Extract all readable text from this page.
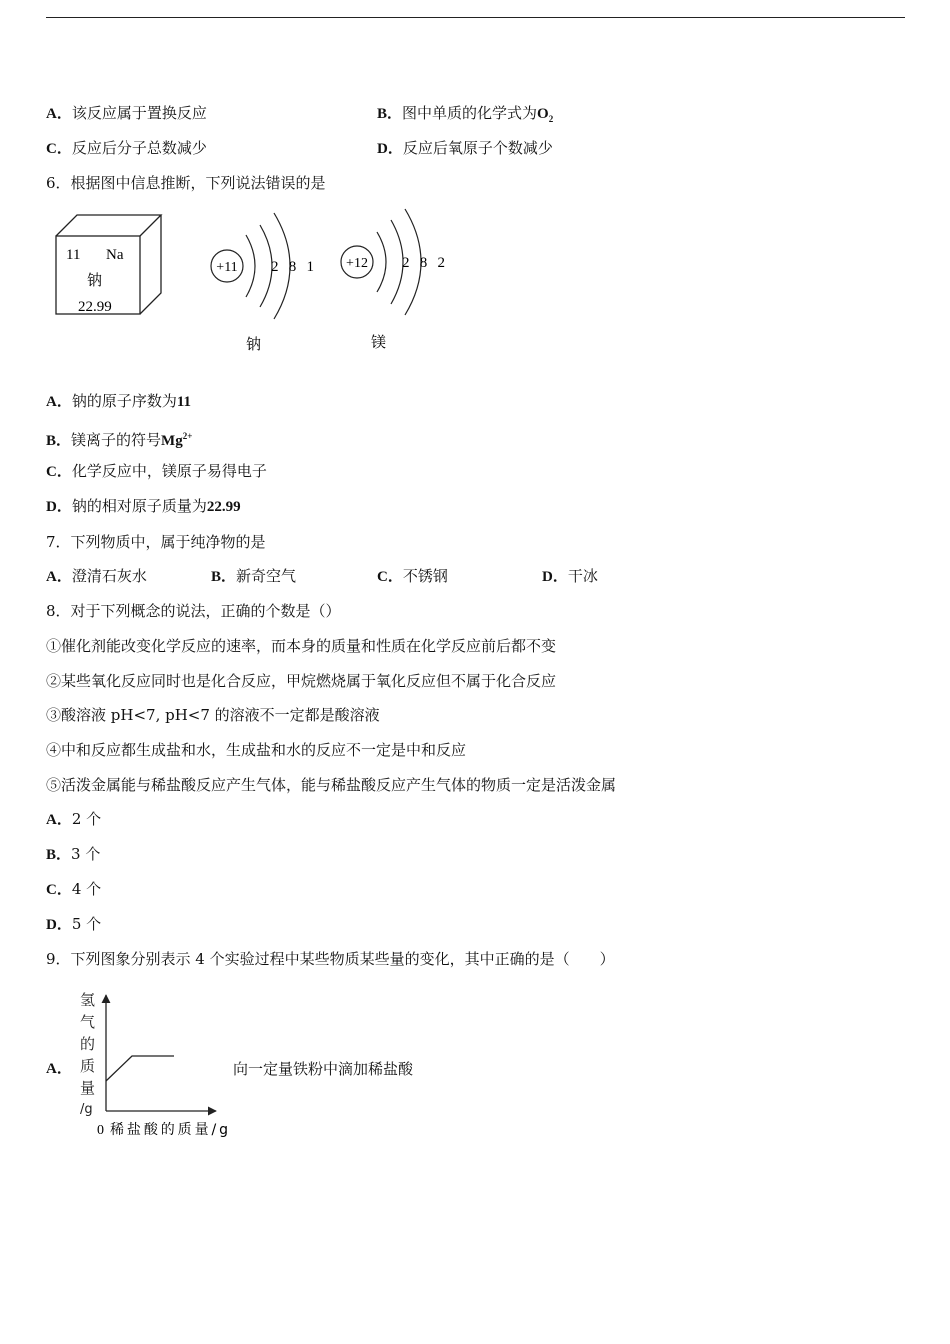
A．该反应属于置换反应	B．图中单质的化学式为$O_2$
C．反应后分子总数减少	D．反应后氧原子个数减少
6．根据图中信息推断，下列说法错误的是
11 Na
钠
22.99
+11 2 8 1
钠
+12 2 8 2
镁
A．钠的原子序数为11
B．镁离子的符号$Mg^{2+}$
C．化学反应中，镁原子易得电子
D．钠的相对原子质量为22.99
7．下列物质中，属于纯净物的是
A．澄清石灰水	B．新奇空气	C．不锈钢	D．干冰
8．对于下列概念的说法，正确的个数是（）
①催化剂能改变化学反应的速率，而本身的质量和性质在化学反应前后都不变
②某些氧化反应同时也是化合反应，甲烷燃烧属于氧化反应但不属于化合反应
③酸溶液 pH<7, pH<7 的溶液不一定都是酸溶液
④中和反应都生成盐和水，生成盐和水的反应不一定是中和反应
⑤活泼金属能与稀盐酸反应产生气体，能与稀盐酸反应产生气体的物质一定是活泼金属
A．2 个
B．3 个
C．4 个
D．5 个
9．下列图象分别表示 4 个实验过程中某些物质某些量的变化，其中正确的是（　　）
A．
氢
气
的
质
量
/g
0 稀盐酸的质量/g
向一定量铁粉中滴加稀盐酸
